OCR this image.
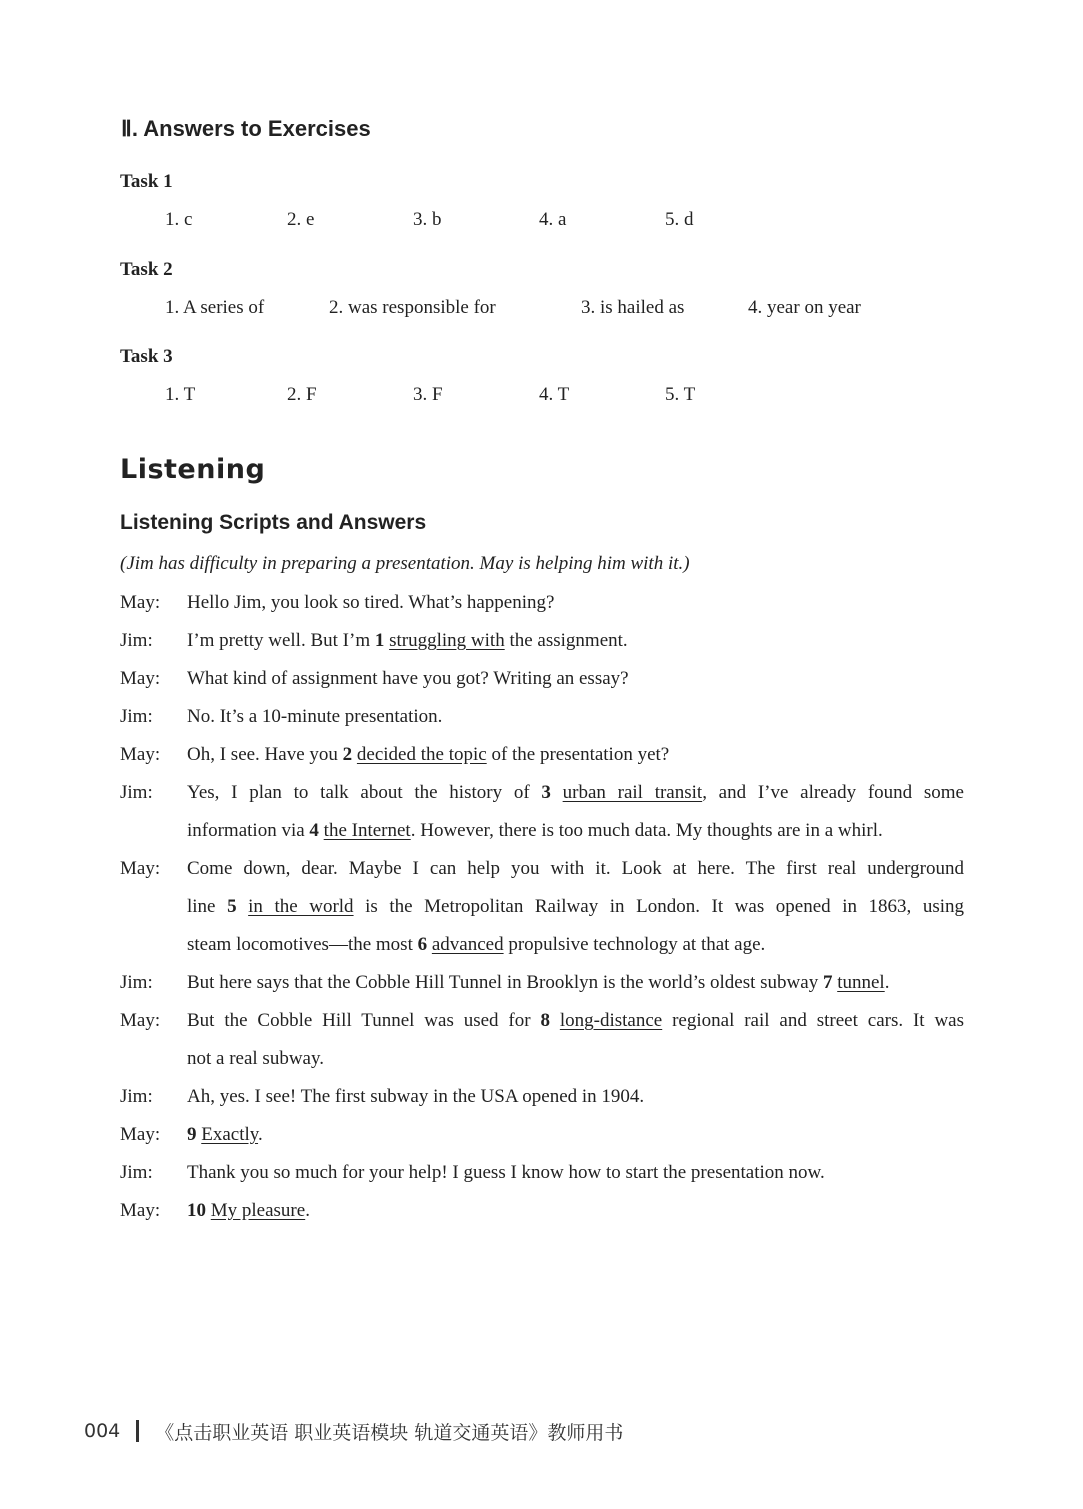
Ⅱ. Answers to Exercises
Task 1
1. c	2. e	3. b	4. a	5. d
Task 2
1. A series of	2. was responsible for	3. is hailed as	4. year on year
Task 3
1. T	2. F	3. F	4. T	5. T
Listening
Listening Scripts and Answers
(Jim has difficulty in preparing a presentation. May is helping him with it.)
May: Hello Jim, you look so tired. What’s happening?
Jim: I’m pretty well. But I’m 1 struggling with the assignment.
May: What kind of assignment have you got? Writing an essay?
Jim: No. It’s a 10-minute presentation.
May: Oh, I see. Have you 2 decided the topic of the presentation yet?
Jim: Yes, I plan to talk about the history of 3 urban rail transit, and I’ve already found some
information via 4 the Internet. However, there is too much data. My thoughts are in a whirl.
May: Come down, dear. Maybe I can help you with it. Look at here. The first real underground
line 5 in the world is the Metropolitan Railway in London. It was opened in 1863, using
steam locomotives—the most 6 advanced propulsive technology at that age.
Jim: But here says that the Cobble Hill Tunnel in Brooklyn is the world’s oldest subway 7 tunnel.
May: But the Cobble Hill Tunnel was used for 8 long-distance regional rail and street cars. It was
not a real subway.
Jim: Ah, yes. I see! The first subway in the USA opened in 1904.
May: 9 Exactly.
Jim: Thank you so much for your help! I guess I know how to start the presentation now.
May: 10 My pleasure.
004 《点击职业英语 职业英语模块 轨道交通英语》教师用书
